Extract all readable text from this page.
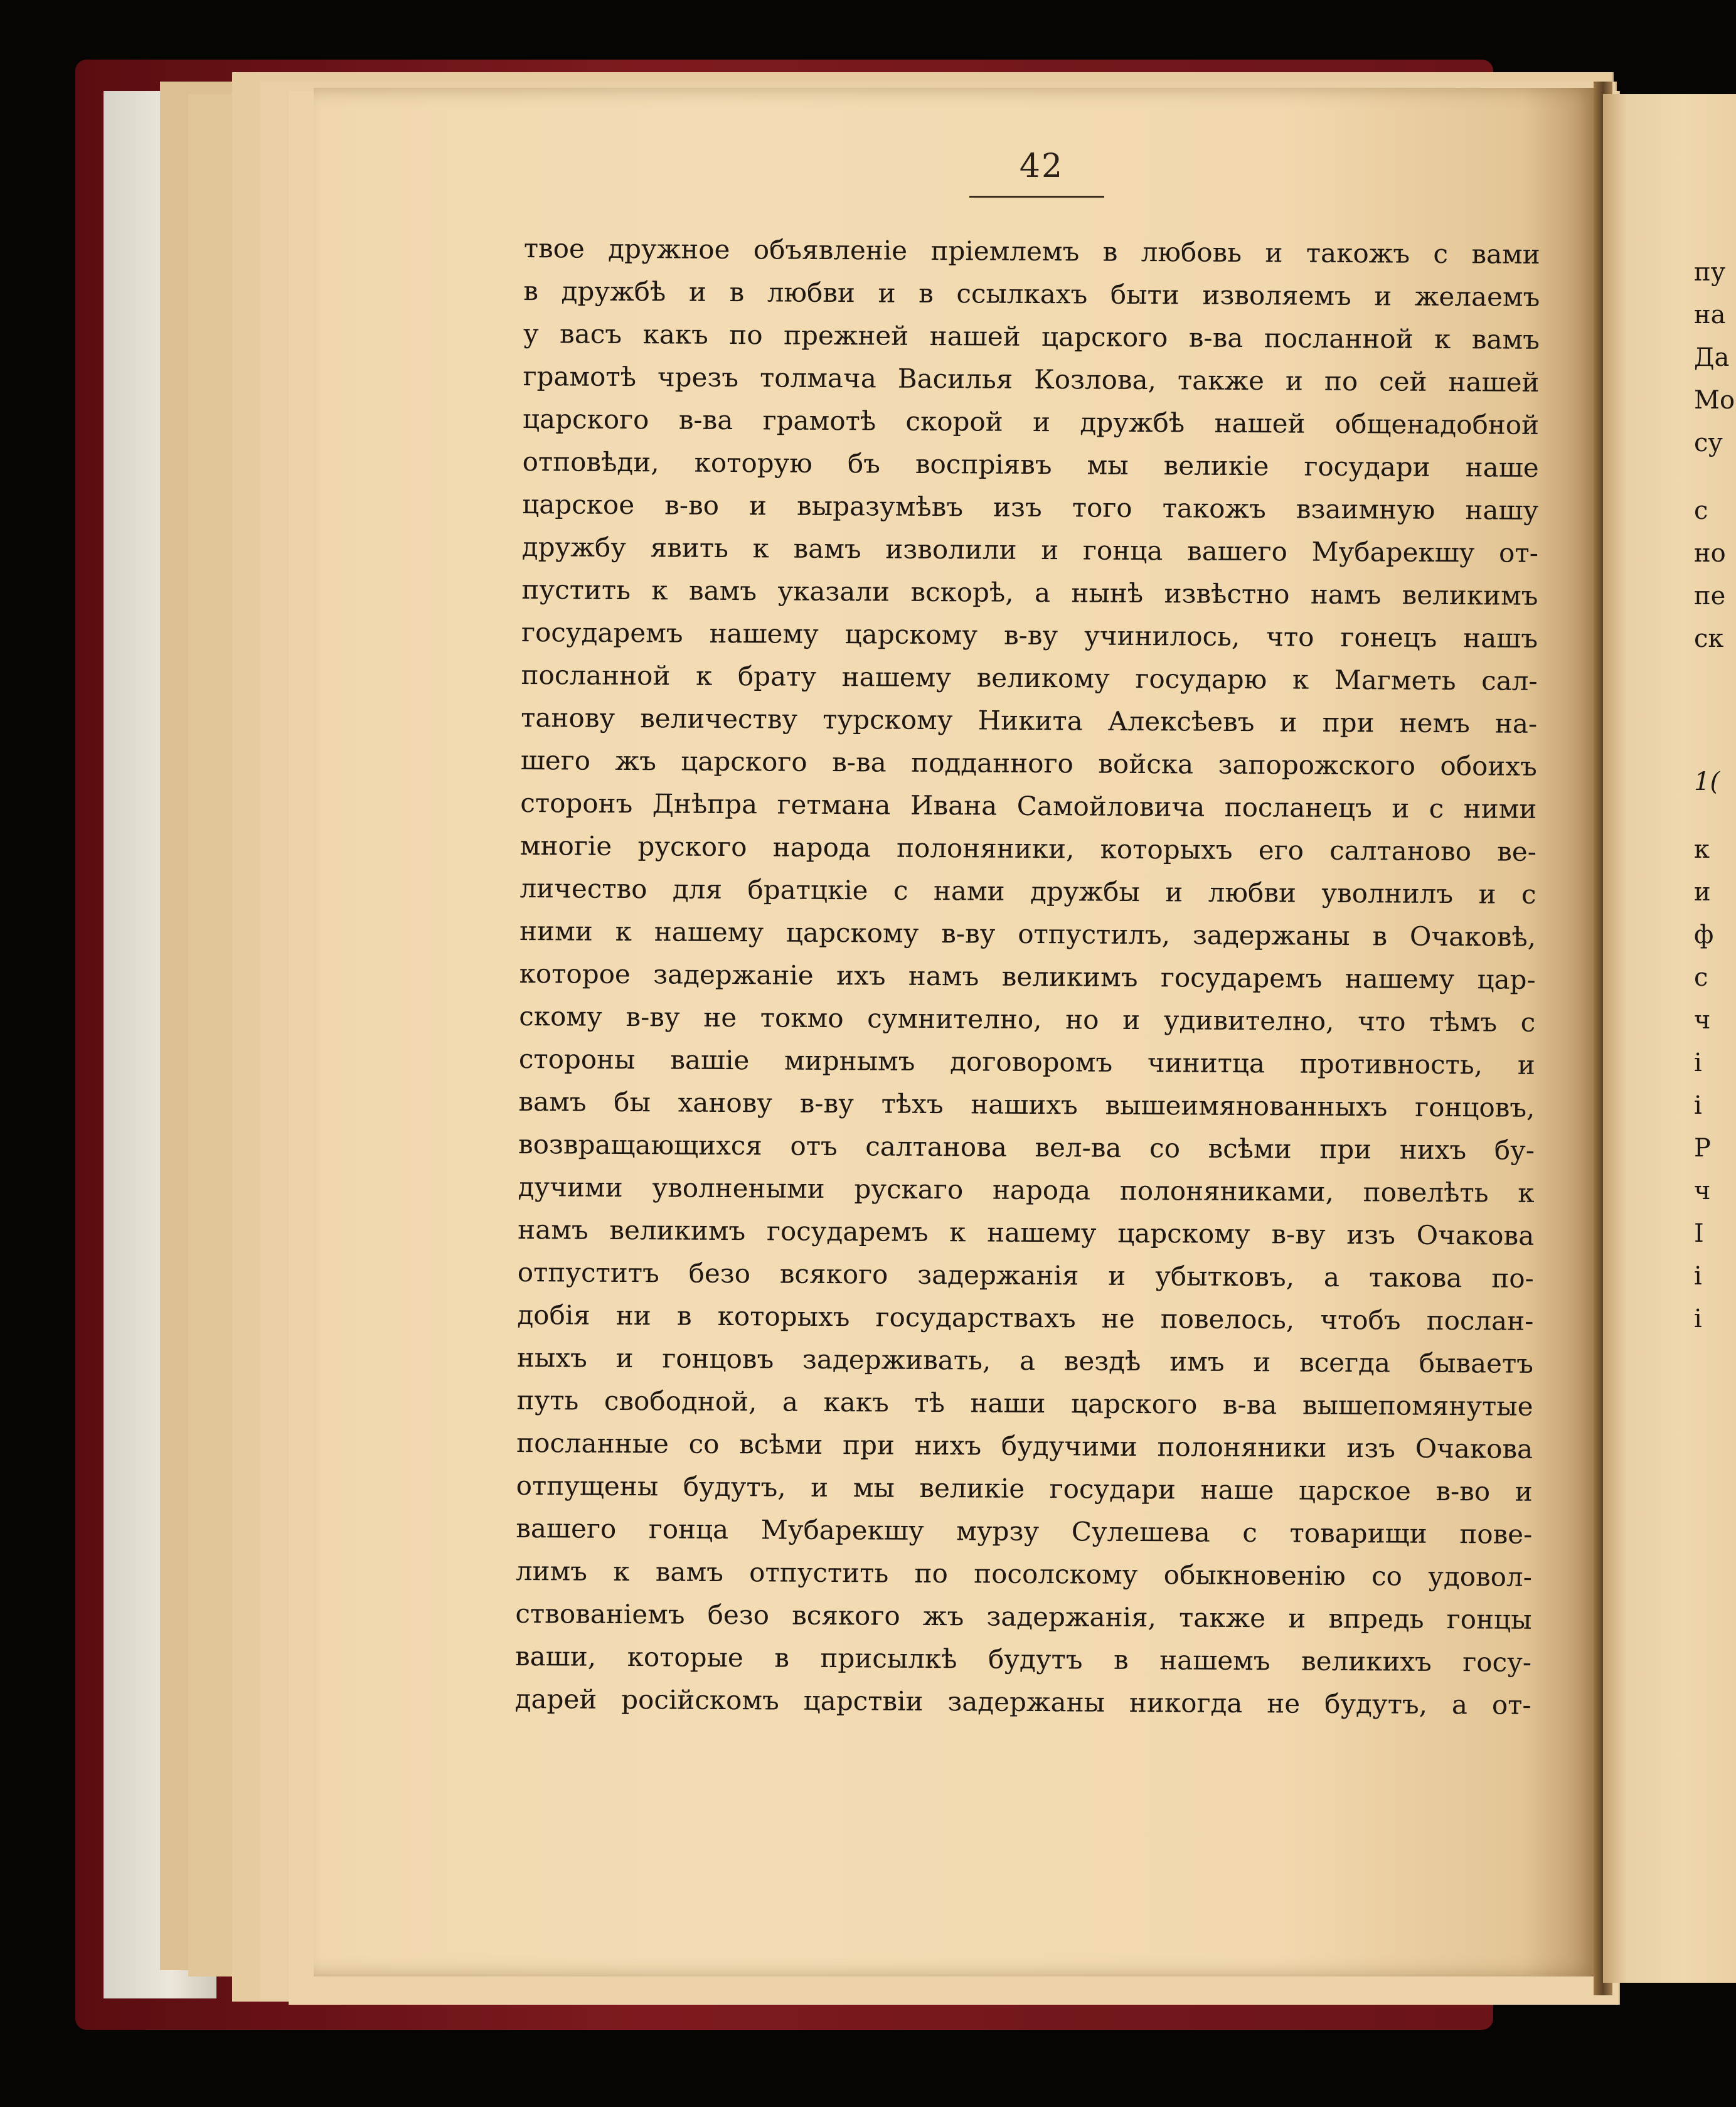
42
твое дружное объявленіе пріемлемъ в любовь и такожъ с вами
в дружбѣ и в любви и в ссылкахъ быти изволяемъ и желаемъ
у васъ какъ по прежней нашей царского в-ва посланной к вамъ
грамотѣ чрезъ толмача Василья Козлова, также и по сей нашей
царского в-ва грамотѣ скорой и дружбѣ нашей общенадобной
отповѣди, которую бъ воспріявъ мы великіе государи наше
царское в-во и выразумѣвъ изъ того такожъ взаимную нашу
дружбу явить к вамъ изволили и гонца вашего Мубарекшу от-
пустить к вамъ указали вскорѣ, а нынѣ извѣстно намъ великимъ
государемъ нашему царскому в-ву учинилось, что гонецъ нашъ
посланной к брату нашему великому государю к Магметь сал-
танову величеству турскому Никита Алексѣевъ и при немъ на-
шего жъ царского в-ва подданного войска запорожского обоихъ
сторонъ Днѣпра гетмана Ивана Самойловича посланецъ и с ними
многіе руского народа полоняники, которыхъ его салтаново ве-
личество для братцкіе с нами дружбы и любви уволнилъ и с
ними к нашему царскому в-ву отпустилъ, задержаны в Очаковѣ,
которое задержаніе ихъ намъ великимъ государемъ нашему цар-
скому в-ву не токмо сумнително, но и удивително, что тѣмъ с
стороны вашіе мирнымъ договоромъ чинитца противность, и
вамъ бы ханову в-ву тѣхъ нашихъ вышеимянованныхъ гонцовъ,
возвращающихся отъ салтанова вел-ва со всѣми при нихъ бу-
дучими уволнеными рускаго народа полоняниками, повелѣть к
намъ великимъ государемъ к нашему царскому в-ву изъ Очакова
отпуститъ безо всякого задержанія и убытковъ, а такова по-
добія ни в которыхъ государствахъ не повелось, чтобъ послан-
ныхъ и гонцовъ задерживать, а вездѣ имъ и всегда бываетъ
путь свободной, а какъ тѣ наши царского в-ва вышепомянутые
посланные со всѣми при нихъ будучими полоняники изъ Очакова
отпущены будутъ, и мы великіе государи наше царское в-во и
вашего гонца Мубарекшу мурзу Сулешева с товарищи пове-
лимъ к вамъ отпустить по посолскому обыкновенію со удовол-
ствованіемъ безо всякого жъ задержанія, также и впредь гонцы
ваши, которые в присылкѣ будутъ в нашемъ великихъ госу-
дарей російскомъ царствіи задержаны никогда не будутъ, а от-
пу
на
Да
Мо
су
с
но
пе
ск
1(
к
и
ф
с
ч
і
і
Р
ч
І
і
і
